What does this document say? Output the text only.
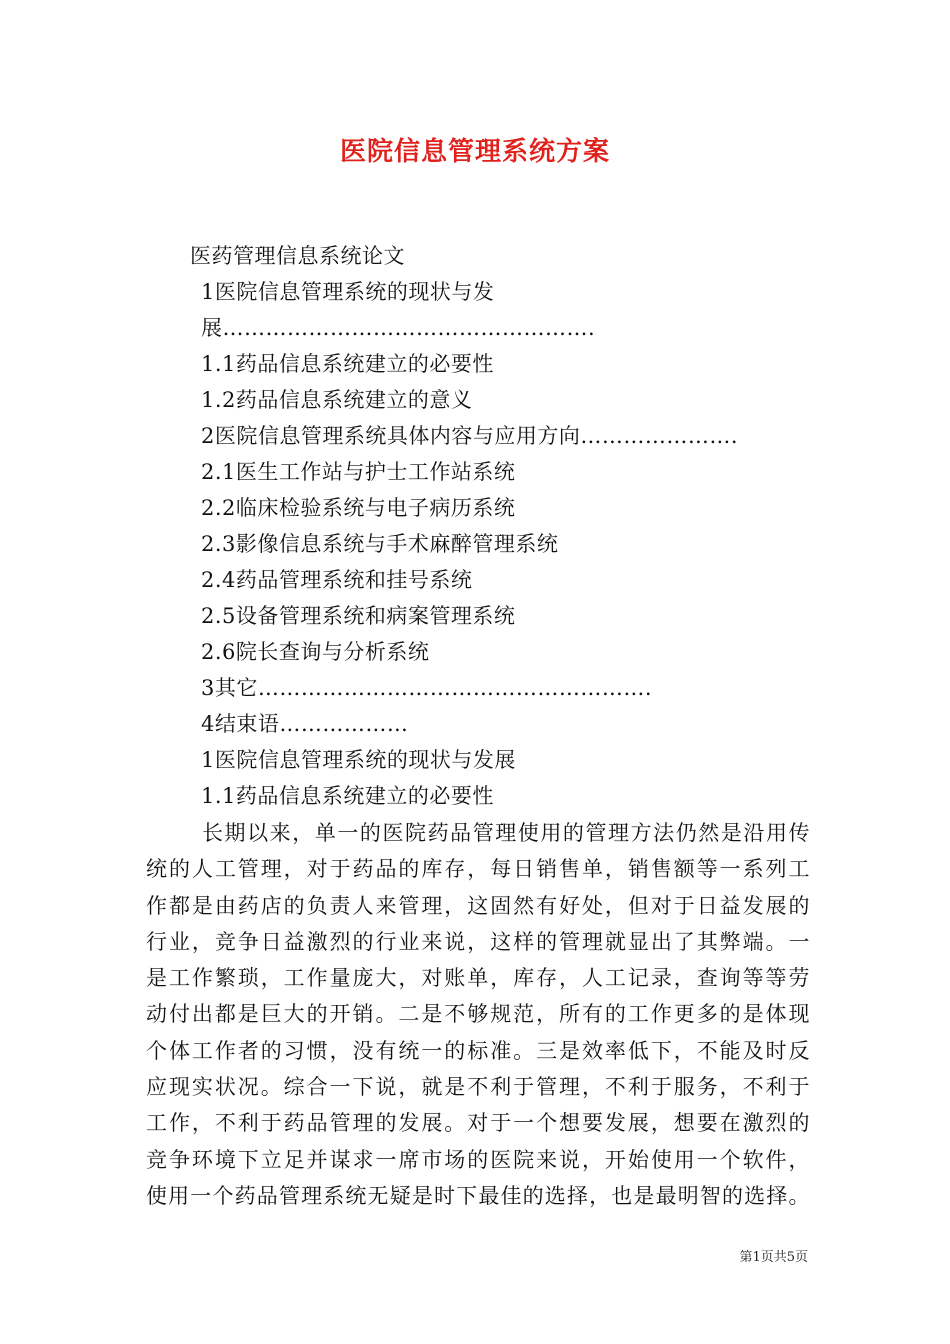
医院信息管理系统方案
医药管理信息系统论文
1医院信息管理系统的现状与发
展…………………………………………….
1.1药品信息系统建立的必要性
1.2药品信息系统建立的意义
2医院信息管理系统具体内容与应用方向………………….
2.1医生工作站与护士工作站系统
2.2临床检验系统与电子病历系统
2.3影像信息系统与手术麻醉管理系统
2.4药品管理系统和挂号系统
2.5设备管理系统和病案管理系统
2.6院长查询与分析系统
3其它……………………………………………….
4结束语………………
1医院信息管理系统的现状与发展
1.1药品信息系统建立的必要性
长期以来，单一的医院药品管理使用的管理方法仍然是沿用传
统的人工管理，对于药品的库存，每日销售单，销售额等一系列工
作都是由药店的负责人来管理，这固然有好处，但对于日益发展的
行业，竞争日益激烈的行业来说，这样的管理就显出了其弊端。一
是工作繁琐，工作量庞大，对账单，库存，人工记录，查询等等劳
动付出都是巨大的开销。二是不够规范，所有的工作更多的是体现
个体工作者的习惯，没有统一的标准。三是效率低下，不能及时反
应现实状况。综合一下说，就是不利于管理，不利于服务，不利于
工作，不利于药品管理的发展。对于一个想要发展，想要在激烈的
竞争环境下立足并谋求一席市场的医院来说，开始使用一个软件，
使用一个药品管理系统无疑是时下最佳的选择，也是最明智的选择。
第1页共5页
